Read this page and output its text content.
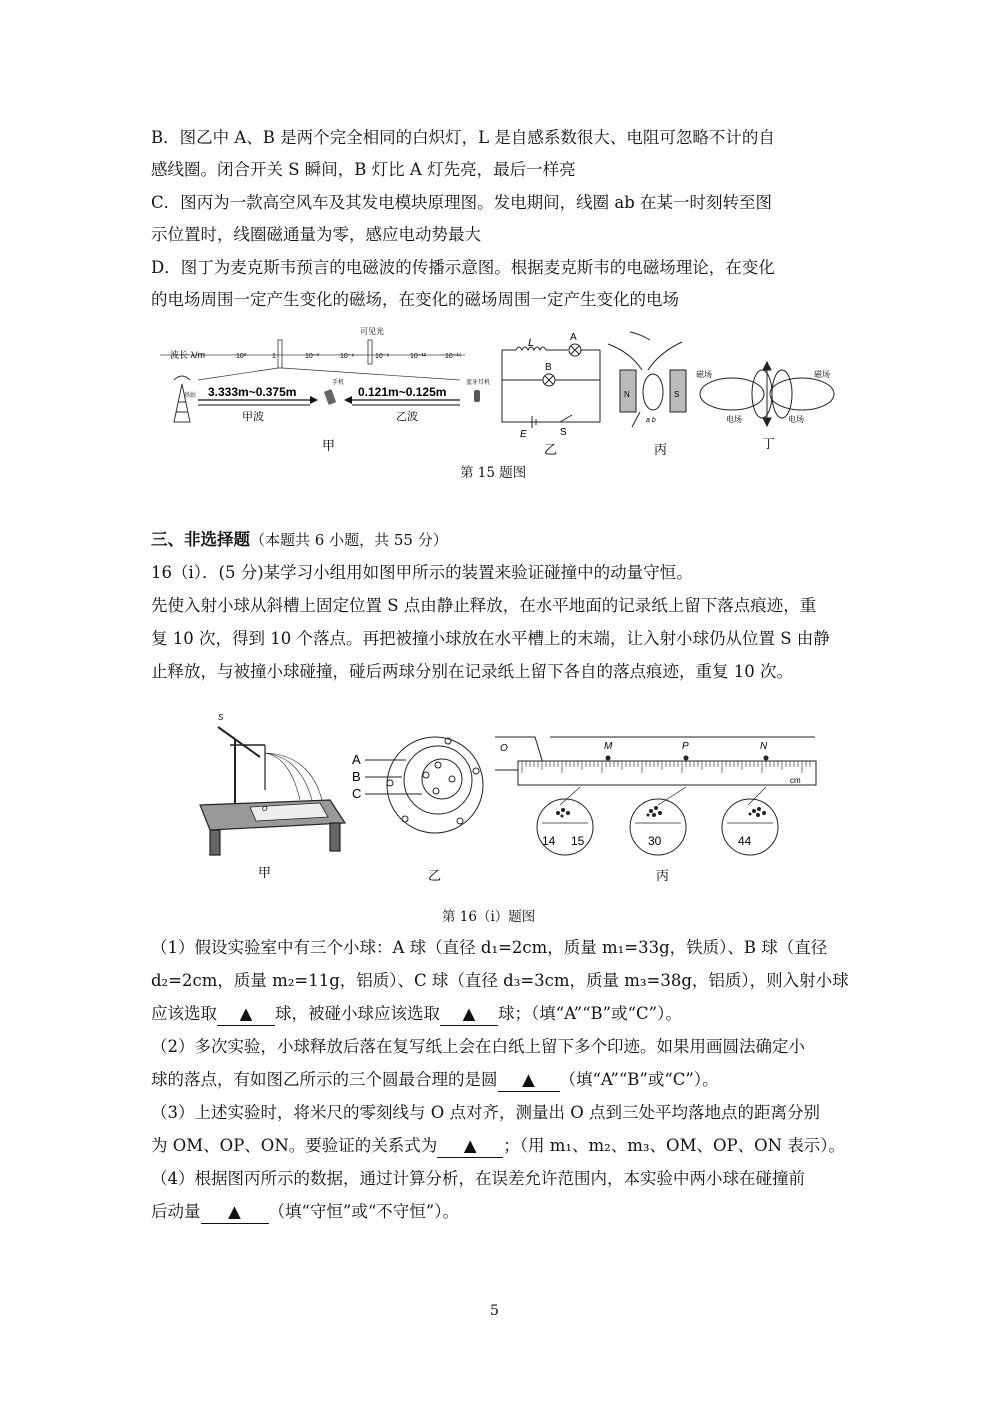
B．图乙中 A、B 是两个完全相同的白炽灯，L 是自感系数很大、电阻可忽略不计的自
感线圈。闭合开关 S 瞬间，B 灯比 A 灯先亮，最后一样亮
C．图丙为一款高空风车及其发电模块原理图。发电期间，线圈 ab 在某一时刻转至图
示位置时，线圈磁通量为零，感应电动势最大
D．图丁为麦克斯韦预言的电磁波的传播示意图。根据麦克斯韦的电磁场理论，在变化
的电场周围一定产生变化的磁场，在变化的磁场周围一定产生变化的电场
可见光
波长 λ/m	10³	1	10⁻³	10⁻⁶	10⁻⁹	10⁻¹²	10⁻¹⁵
基站 3.333m~0.375m
甲波
手机
0.121m~0.125m
乙波
蓝牙耳机
甲
L	A
B
E	S
乙
N	S
a b
丙
磁场	磁场
电场	电场
丁
第 15 题图
三、非选择题（本题共 6 小题，共 55 分）
16（ⅰ）．(5 分)某学习小组用如图甲所示的装置来验证碰撞中的动量守恒。
先使入射小球从斜槽上固定位置 S 点由静止释放，在水平地面的记录纸上留下落点痕迹，重
复 10 次，得到 10 个落点。再把被撞小球放在水平槽上的末端，让入射小球仍从位置 S 由静
止释放，与被撞小球碰撞，碰后两球分别在记录纸上留下各自的落点痕迹，重复 10 次。
S
O
甲
A
B
C
乙
O	M	P	N
cm
14 15	30	44
丙
第 16（ⅰ）题图
（1）假设实验室中有三个小球：A 球（直径 d₁=2cm，质量 m₁=33g，铁质）、B 球（直径
d₂=2cm，质量 m₂=11g，铝质）、C 球（直径 d₃=3cm，质量 m₃=38g，铝质），则入射小球
应该选取 ▲ 球，被碰小球应该选取 ▲ 球；（填“A”“B”或“C”）。
（2）多次实验，小球释放后落在复写纸上会在白纸上留下多个印迹。如果用画圆法确定小
球的落点，有如图乙所示的三个圆最合理的是圆 ▲ （填“A”“B”或“C”）。
（3）上述实验时，将米尺的零刻线与 O 点对齐，测量出 O 点到三处平均落地点的距离分别
为 OM、OP、ON。要验证的关系式为 ▲ ；（用 m₁、m₂、m₃、OM、OP、ON 表示）。
（4）根据图丙所示的数据，通过计算分析，在误差允许范围内，本实验中两小球在碰撞前
后动量 ▲ （填“守恒”或“不守恒”）。
5
